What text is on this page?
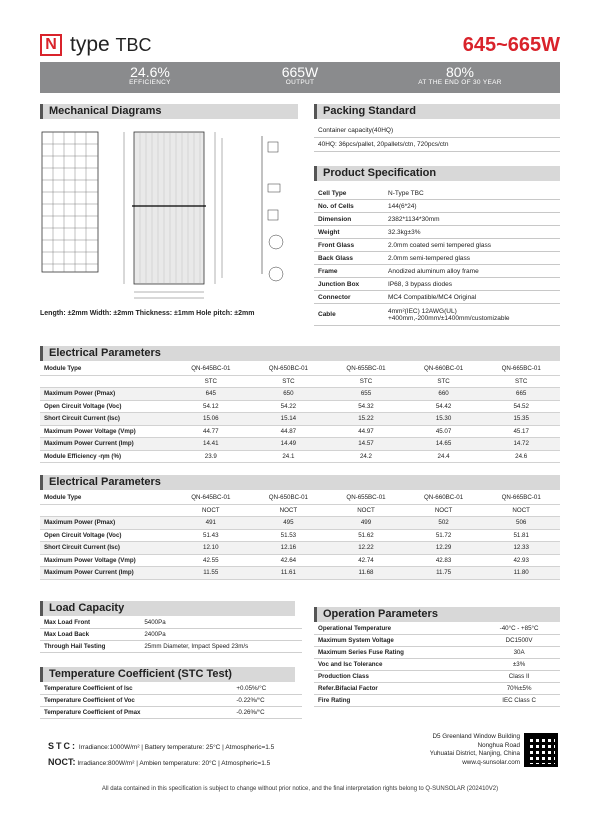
N type TBC	645~665W
24.6%
EFFICIENCY
665W
OUTPUT
80%
AT THE END OF 30 YEAR
Mechanical Diagrams
Length: ±2mm Width: ±2mm Thickness: ±1mm Hole pitch: ±2mm
Packing Standard
Container capacity(40HQ)
40HQ: 36pcs/pallet, 20pallets/ctn, 720pcs/ctn
Product Specification
Cell Type	N-Type TBC
No. of Cells	144(6*24)
Dimension	2382*1134*30mm
Weight	32.3kg±3%
Front Glass	2.0mm coated semi tempered glass
Back Glass	2.0mm semi-tempered glass
Frame	Anodized aluminum alloy frame
Junction Box	IP68, 3 bypass diodes
Connector	MC4 Compatible/MC4 Original
Cable	4mm²(IEC) 12AWG(UL)
+400mm,-200mm/±1400mm/customizable
Electrical Parameters
Module Type	QN-645BC-01	QN-650BC-01	QN-655BC-01	QN-660BC-01	QN-665BC-01
	STC	STC	STC	STC	STC
Maximum Power (Pmax)	645	650	655	660	665
Open Circuit Voltage (Voc)	54.12	54.22	54.32	54.42	54.52
Short Circuit Current (Isc)	15.06	15.14	15.22	15.30	15.35
Maximum Power Voltage (Vmp)	44.77	44.87	44.97	45.07	45.17
Maximum Power Current (Imp)	14.41	14.49	14.57	14.65	14.72
Module Efficiency -ηm (%)	23.9	24.1	24.2	24.4	24.6
Electrical Parameters
Module Type	QN-645BC-01	QN-650BC-01	QN-655BC-01	QN-660BC-01	QN-665BC-01
	NOCT	NOCT	NOCT	NOCT	NOCT
Maximum Power (Pmax)	491	495	499	502	506
Open Circuit Voltage (Voc)	51.43	51.53	51.62	51.72	51.81
Short Circuit Current (Isc)	12.10	12.16	12.22	12.29	12.33
Maximum Power Voltage (Vmp)	42.55	42.64	42.74	42.83	42.93
Maximum Power Current (Imp)	11.55	11.61	11.68	11.75	11.80
Load Capacity
Max Load Front	5400Pa
Max Load Back	2400Pa
Through Hail Testing	25mm Diameter, Impact Speed 23m/s
Temperature Coefficient (STC Test)
Temperature Coefficient of Isc	+0.05%/°C
Temperature Coefficient of Voc	-0.22%/°C
Temperature Coefficient of Pmax	-0.26%/°C
Operation Parameters
Operational Temperature	-40°C - +85°C
Maximum System Voltage	DC1500V
Maximum Series Fuse Rating	30A
Voc and Isc Tolerance	±3%
Production Class	Class II
Refer.Bifacial Factor	70%±5%
Fire Rating	IEC Class C
STC: Irradiance:1000W/m² | Battery temperature: 25°C | Atmospheric=1.5
NOCT: Irradiance:800W/m² | Ambien temperature: 20°C | Atmospheric=1.5
D5 Greenland Window Building
Nonghua Road
Yuhuatai District, Nanjing, China
www.q-sunsolar.com
All data contained in this specification is subject to change without prior notice, and the final interpretation rights belong to Q-SUNSOLAR (202410V2)
